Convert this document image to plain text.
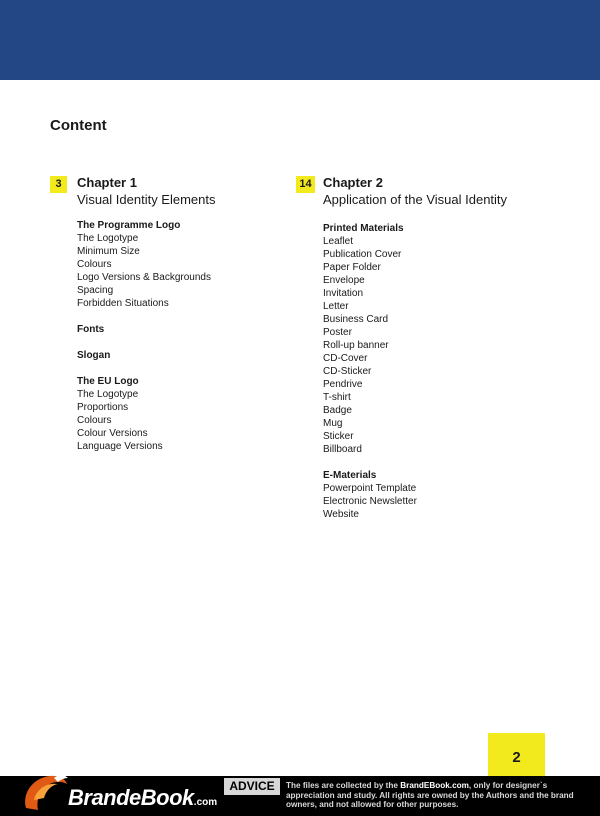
Content
3	Chapter 1
Visual Identity Elements
The Programme Logo
The Logotype
Minimum Size
Colours
Logo Versions & Backgrounds
Spacing
Forbidden Situations
Fonts
Slogan
The EU Logo
The Logotype
Proportions
Colours
Colour Versions
Language Versions
14 Chapter 2
Application of the Visual Identity
Printed Materials
Leaflet
Publication Cover
Paper Folder
Envelope
Invitation
Letter
Business Card
Poster
Roll-up banner
CD-Cover
CD-Sticker
Pendrive
T-shirt
Badge
Mug
Sticker
Billboard
E-Materials
Powerpoint Template
Electronic Newsletter
Website
2
BrandeBook.com
ADVICE	The files are collected by the BrandEBook.com, only for designer`s appreciation and study. All rights are owned by the Authors and the brand owners, and not allowed for other purposes.
